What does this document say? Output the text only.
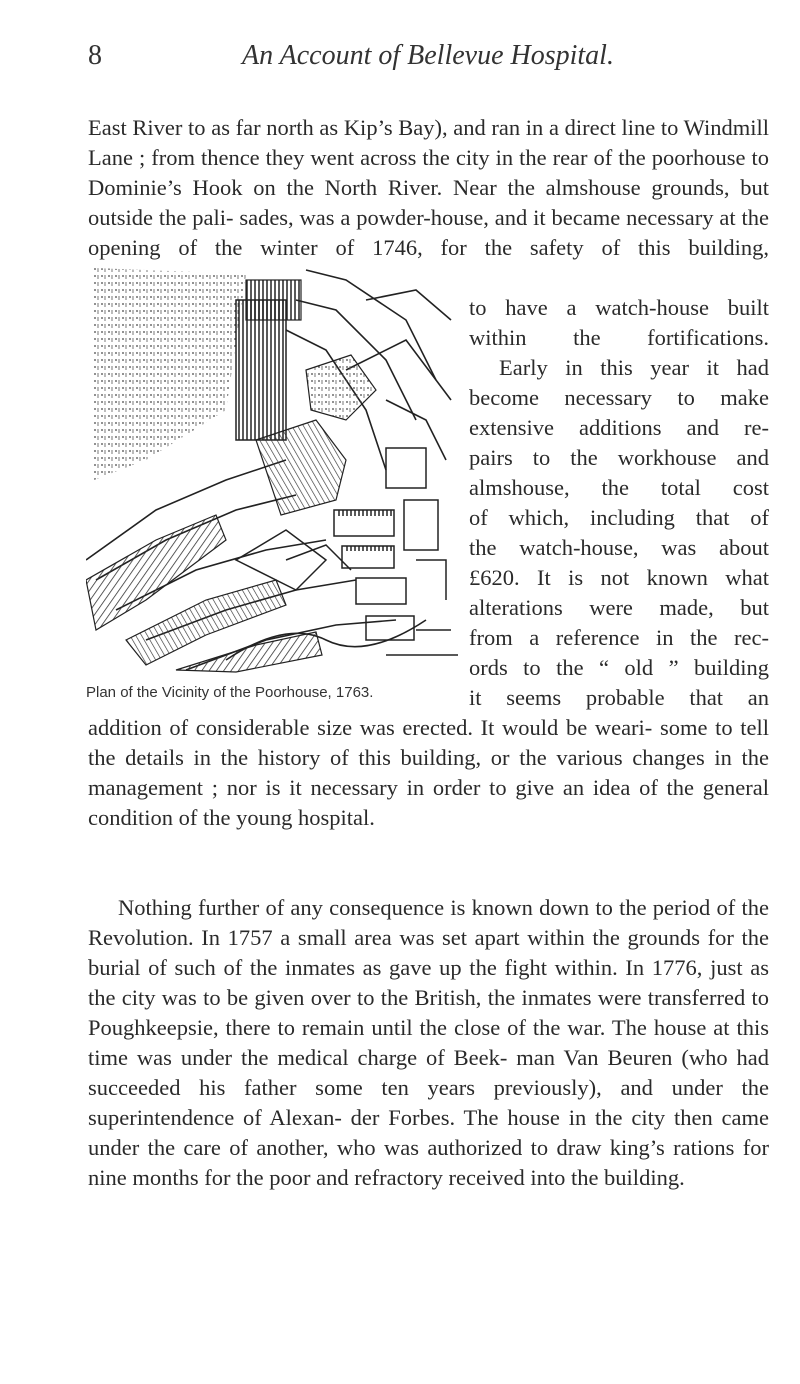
8	An Account of Bellevue Hospital.

East River to as far north as Kip’s Bay), and ran in a direct line to Windmill Lane ; from thence they went across the city in the rear of the poorhouse to Dominie’s Hook on the North River. Near the almshouse grounds, but outside the pali- sades, was a powder-house, and it became necessary at the opening of the winter of 1746, for the safety of this building,

to have a watch-house built

within the fortifications.

Early in this year it had

become necessary to make

extensive additions and re-

pairs to the workhouse and

almshouse, the total cost

of which, including that of

the watch-house, was about

£620. It is not known what

alterations were made, but

from a reference in the rec-

ords to the “ old ” building

it seems probable that an

Plan of the Vicinity of the Poorhouse, 1763.

addition of considerable size was erected. It would be weari- some to tell the details in the history of this building, or the various changes in the management ; nor is it necessary in order to give an idea of the general condition of the young hospital.

Nothing further of any consequence is known down to the period of the Revolution. In 1757 a small area was set apart within the grounds for the burial of such of the inmates as gave up the fight within. In 1776, just as the city was to be given over to the British, the inmates were transferred to Poughkeepsie, there to remain until the close of the war. The house at this time was under the medical charge of Beek- man Van Beuren (who had succeeded his father some ten years previously), and under the superintendence of Alexan- der Forbes. The house in the city then came under the care of another, who was authorized to draw king’s rations for nine months for the poor and refractory received into the building.
